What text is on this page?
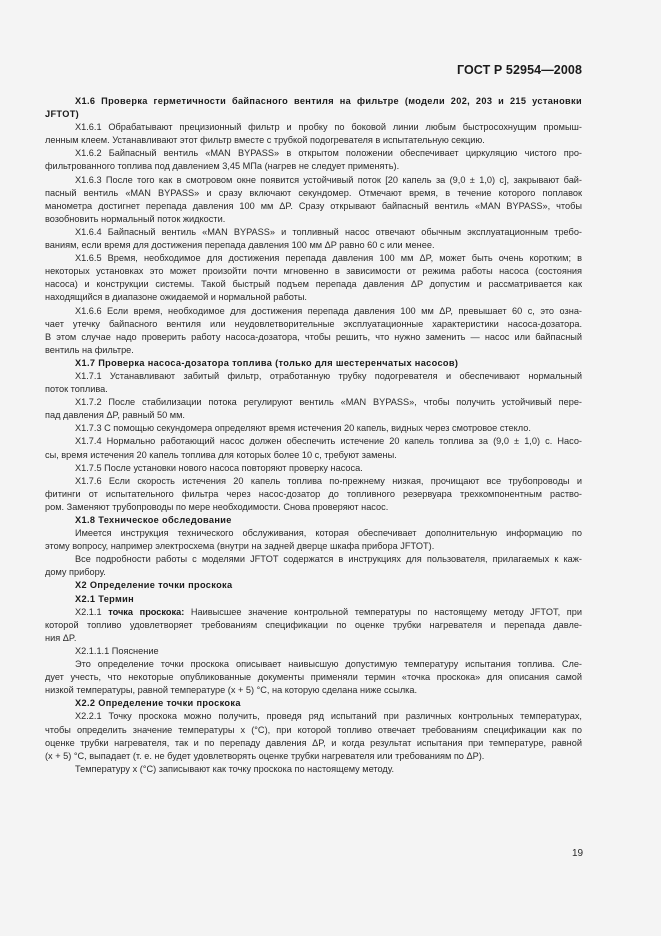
ГОСТ Р 52954—2008
X1.6 Проверка герметичности байпасного вентиля на фильтре (модели 202, 203 и 215 установки
JFTOT)
X1.6.1 Обрабатывают прецизионный фильтр и пробку по боковой линии любым быстросохнущим промыш-
ленным клеем. Устанавливают этот фильтр вместе с трубкой подогревателя в испытательную секцию.
X1.6.2 Байпасный вентиль «MAN BYPASS» в открытом положении обеспечивает циркуляцию чистого про-
фильтрованного топлива под давлением 3,45 МПа (нагрев не следует применять).
X1.6.3 После того как в смотровом окне появится устойчивый поток [20 капель за (9,0 ± 1,0) с], закрывают бай-
пасный вентиль «MAN BYPASS» и сразу включают секундомер. Отмечают время, в течение которого поплавок
манометра достигнет перепада давления 100 мм ΔP. Сразу открывают байпасный вентиль «MAN BYPASS», чтобы
возобновить нормальный поток жидкости.
X1.6.4 Байпасный вентиль «MAN BYPASS» и топливный насос отвечают обычным эксплуатационным требо-
ваниям, если время для достижения перепада давления 100 мм ΔP равно 60 с или менее.
X1.6.5 Время, необходимое для достижения перепада давления 100 мм ΔP, может быть очень коротким; в
некоторых установках это может произойти почти мгновенно в зависимости от режима работы насоса (состояния
насоса) и конструкции системы. Такой быстрый подъем перепада давления ΔP допустим и рассматривается как
находящийся в диапазоне ожидаемой и нормальной работы.
X1.6.6 Если время, необходимое для достижения перепада давления 100 мм ΔP, превышает 60 с, это озна-
чает утечку байпасного вентиля или неудовлетворительные эксплуатационные характеристики насоса-дозатора.
В этом случае надо проверить работу насоса-дозатора, чтобы решить, что нужно заменить — насос или байпасный
вентиль на фильтре.
X1.7 Проверка насоса-дозатора топлива (только для шестеренчатых насосов)
X1.7.1 Устанавливают забитый фильтр, отработанную трубку подогревателя и обеспечивают нормальный
поток топлива.
X1.7.2 После стабилизации потока регулируют вентиль «MAN BYPASS», чтобы получить устойчивый пере-
пад давления ΔP, равный 50 мм.
X1.7.3 С помощью секундомера определяют время истечения 20 капель, видных через смотровое стекло.
X1.7.4 Нормально работающий насос должен обеспечить истечение 20 капель топлива за (9,0 ± 1,0) с. Насо-
сы, время истечения 20 капель топлива для которых более 10 с, требуют замены.
X1.7.5 После установки нового насоса повторяют проверку насоса.
X1.7.6 Если скорость истечения 20 капель топлива по-прежнему низкая, прочищают все трубопроводы и
фитинги от испытательного фильтра через насос-дозатор до топливного резервуара трехкомпонентным раство-
ром. Заменяют трубопроводы по мере необходимости. Снова проверяют насос.
X1.8 Техническое обследование
Имеется инструкция технического обслуживания, которая обеспечивает дополнительную информацию по
этому вопросу, например электросхема (внутри на задней дверце шкафа прибора JFTOT).
Все подробности работы с моделями JFTOT содержатся в инструкциях для пользователя, прилагаемых к каж-
дому прибору.
X2 Определение точки проскока
X2.1 Термин
X2.1.1 точка проскока: Наивысшее значение контрольной температуры по настоящему методу JFTOT, при
которой топливо удовлетворяет требованиям спецификации по оценке трубки нагревателя и перепада давле-
ния ΔP.
X2.1.1.1 Пояснение
Это определение точки проскока описывает наивысшую допустимую температуру испытания топлива. Сле-
дует учесть, что некоторые опубликованные документы применяли термин «точка проскока» для описания самой
низкой температуры, равной температуре (x + 5) °С, на которую сделана ниже ссылка.
X2.2 Определение точки проскока
X2.2.1 Точку проскока можно получить, проведя ряд испытаний при различных контрольных температурах,
чтобы определить значение температуры x (°С), при которой топливо отвечает требованиям спецификации как по
оценке трубки нагревателя, так и по перепаду давления ΔP, и когда результат испытания при температуре, равной
(x + 5) °С, выпадает (т. е. не будет удовлетворять оценке трубки нагревателя или требованиям по ΔP).
Температуру x (°С) записывают как точку проскока по настоящему методу.
19
